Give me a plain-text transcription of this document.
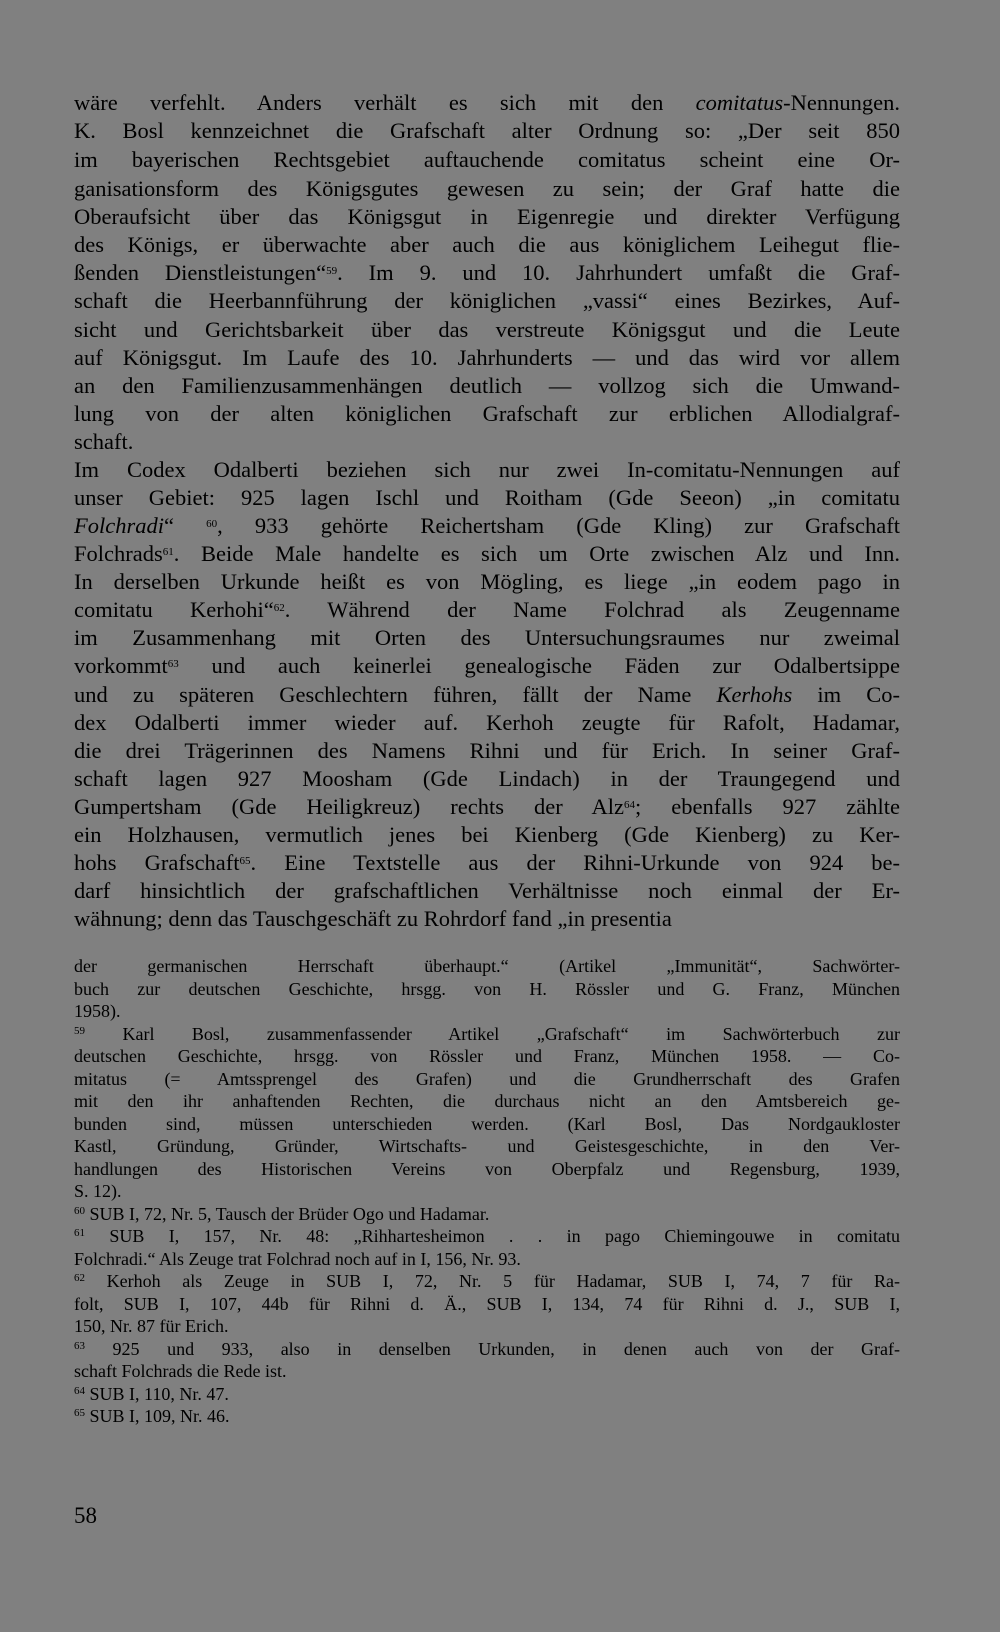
wäre verfehlt. Anders verhält es sich mit den comitatus-Nennungen.
K. Bosl kennzeichnet die Grafschaft alter Ordnung so: „Der seit 850
im bayerischen Rechtsgebiet auftauchende comitatus scheint eine Or-
ganisationsform des Königsgutes gewesen zu sein; der Graf hatte die
Oberaufsicht über das Königsgut in Eigenregie und direkter Verfügung
des Königs, er überwachte aber auch die aus königlichem Leihegut flie-
ßenden Dienstleistungen“$^{59}$. Im 9. und 10. Jahrhundert umfaßt die Graf-
schaft die Heerbannführung der königlichen „vassi“ eines Bezirkes, Auf-
sicht und Gerichtsbarkeit über das verstreute Königsgut und die Leute
auf Königsgut. Im Laufe des 10. Jahrhunderts — und das wird vor allem
an den Familienzusammenhängen deutlich — vollzog sich die Umwand-
lung von der alten königlichen Grafschaft zur erblichen Allodialgraf-
schaft.
Im Codex Odalberti beziehen sich nur zwei In-comitatu-Nennungen auf
unser Gebiet: 925 lagen Ischl und Roitham (Gde Seeon) „in comitatu
Folchradi“ $^{60}$, 933 gehörte Reichertsham (Gde Kling) zur Grafschaft
Folchrads$^{61}$. Beide Male handelte es sich um Orte zwischen Alz und Inn.
In derselben Urkunde heißt es von Mögling, es liege „in eodem pago in
comitatu Kerhohi“$^{62}$. Während der Name Folchrad als Zeugenname
im Zusammenhang mit Orten des Untersuchungsraumes nur zweimal
vorkommt$^{63}$ und auch keinerlei genealogische Fäden zur Odalbertsippe
und zu späteren Geschlechtern führen, fällt der Name Kerhohs im Co-
dex Odalberti immer wieder auf. Kerhoh zeugte für Rafolt, Hadamar,
die drei Trägerinnen des Namens Rihni und für Erich. In seiner Graf-
schaft lagen 927 Moosham (Gde Lindach) in der Traungegend und
Gumpertsham (Gde Heiligkreuz) rechts der Alz$^{64}$; ebenfalls 927 zählte
ein Holzhausen, vermutlich jenes bei Kienberg (Gde Kienberg) zu Ker-
hohs Grafschaft$^{65}$. Eine Textstelle aus der Rihni-Urkunde von 924 be-
darf hinsichtlich der grafschaftlichen Verhältnisse noch einmal der Er-
wähnung; denn das Tauschgeschäft zu Rohrdorf fand „in presentia
der germanischen Herrschaft überhaupt.“ (Artikel „Immunität“, Sachwörter-
buch zur deutschen Geschichte, hrsgg. von H. Rössler und G. Franz, München
1958).
$^{59}$ Karl Bosl, zusammenfassender Artikel „Grafschaft“ im Sachwörterbuch zur
deutschen Geschichte, hrsgg. von Rössler und Franz, München 1958. — Co-
mitatus (= Amtssprengel des Grafen) und die Grundherrschaft des Grafen
mit den ihr anhaftenden Rechten, die durchaus nicht an den Amtsbereich ge-
bunden sind, müssen unterschieden werden. (Karl Bosl, Das Nordgaukloster
Kastl, Gründung, Gründer, Wirtschafts- und Geistesgeschichte, in den Ver-
handlungen des Historischen Vereins von Oberpfalz und Regensburg, 1939,
S. 12).
$^{60}$ SUB I, 72, Nr. 5, Tausch der Brüder Ogo und Hadamar.
$^{61}$ SUB I, 157, Nr. 48: „Rihhartesheimon . . in pago Chiemingouwe in comitatu
Folchradi.“ Als Zeuge trat Folchrad noch auf in I, 156, Nr. 93.
$^{62}$ Kerhoh als Zeuge in SUB I, 72, Nr. 5 für Hadamar, SUB I, 74, 7 für Ra-
folt, SUB I, 107, 44b für Rihni d. Ä., SUB I, 134, 74 für Rihni d. J., SUB I,
150, Nr. 87 für Erich.
$^{63}$ 925 und 933, also in denselben Urkunden, in denen auch von der Graf-
schaft Folchrads die Rede ist.
$^{64}$ SUB I, 110, Nr. 47.
$^{65}$ SUB I, 109, Nr. 46.
58
